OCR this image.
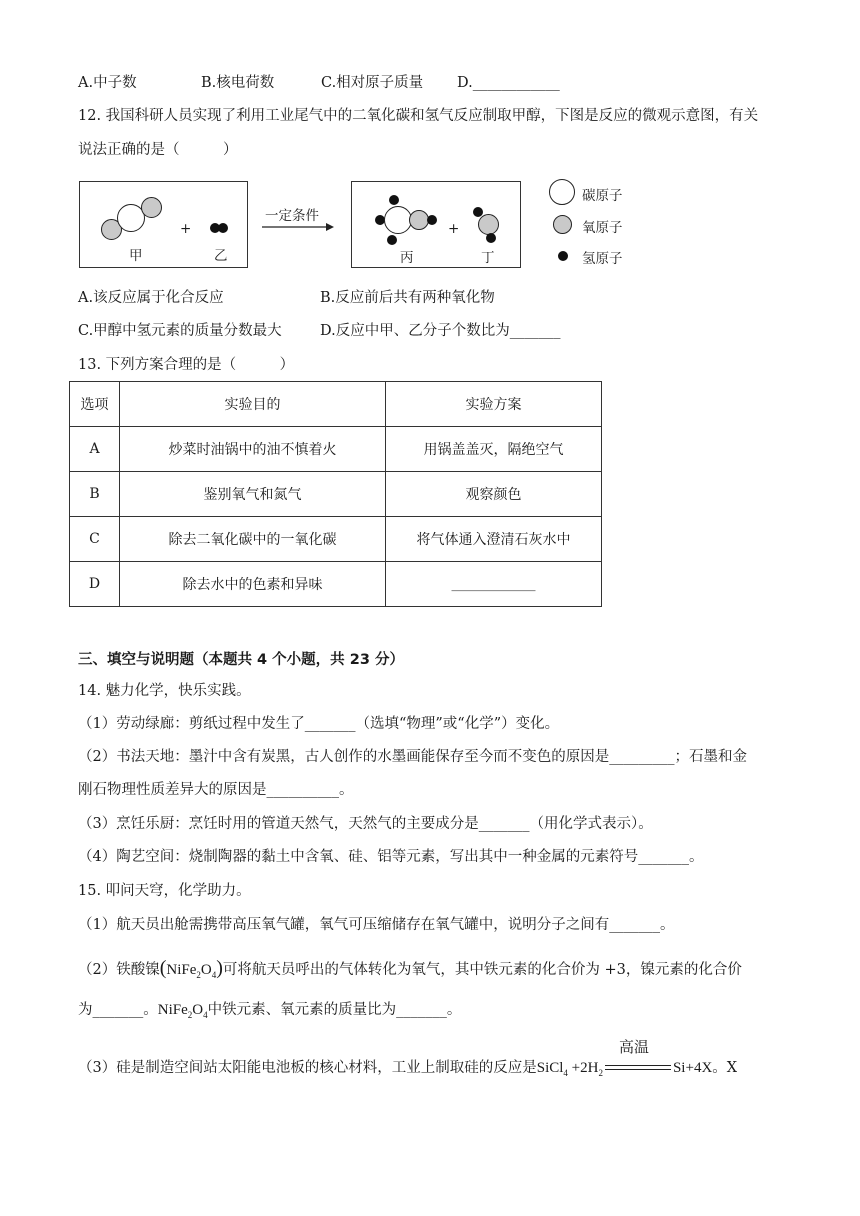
A.中子数	B.核电荷数	C.相对原子质量 D.____________
12. 我国科研人员实现了利用工业尾气中的二氧化碳和氢气反应制取甲醇，下图是反应的微观示意图，有关
说法正确的是（　　　）
+
甲	乙
一定条件
+
丙	丁
碳原子
氧原子
氢原子
A.该反应属于化合反应	B.反应前后共有两种氧化物
C.甲醇中氢元素的质量分数最大	D.反应中甲、乙分子个数比为_______
13. 下列方案合理的是（　　　）
选项	实验目的	实验方案
A	炒菜时油锅中的油不慎着火	用锅盖盖灭，隔绝空气
B	鉴别氧气和氮气	观察颜色
C	除去二氧化碳中的一氧化碳	将气体通入澄清石灰水中
D	除去水中的色素和异味	____________
三、填空与说明题（本题共 4 个小题，共 23 分）
14. 魅力化学，快乐实践。
（1）劳动绿廊：剪纸过程中发生了_______（选填“物理”或“化学”）变化。
（2）书法天地：墨汁中含有炭黑，古人创作的水墨画能保存至今而不变色的原因是_________；石墨和金
刚石物理性质差异大的原因是__________。
（3）烹饪乐厨：烹饪时用的管道天然气，天然气的主要成分是_______（用化学式表示）。
（4）陶艺空间：烧制陶器的黏土中含氧、硅、铝等元素，写出其中一种金属的元素符号_______。
15. 叩问天穹，化学助力。
（1）航天员出舱需携带高压氧气罐，氧气可压缩储存在氧气罐中，说明分子之间有_______。
（2）铁酸镍$(NiFe_2O_4)$可将航天员呼出的气体转化为氧气，其中铁元素的化合价为 +3，镍元素的化合价
为_______。$NiFe_2O_4$中铁元素、氧元素的质量比为_______。
（3）硅是制造空间站太阳能电池板的核心材料，工业上制取硅的反应是SiCl$_4$ $+2H_2$
高温
Si+4X。X
